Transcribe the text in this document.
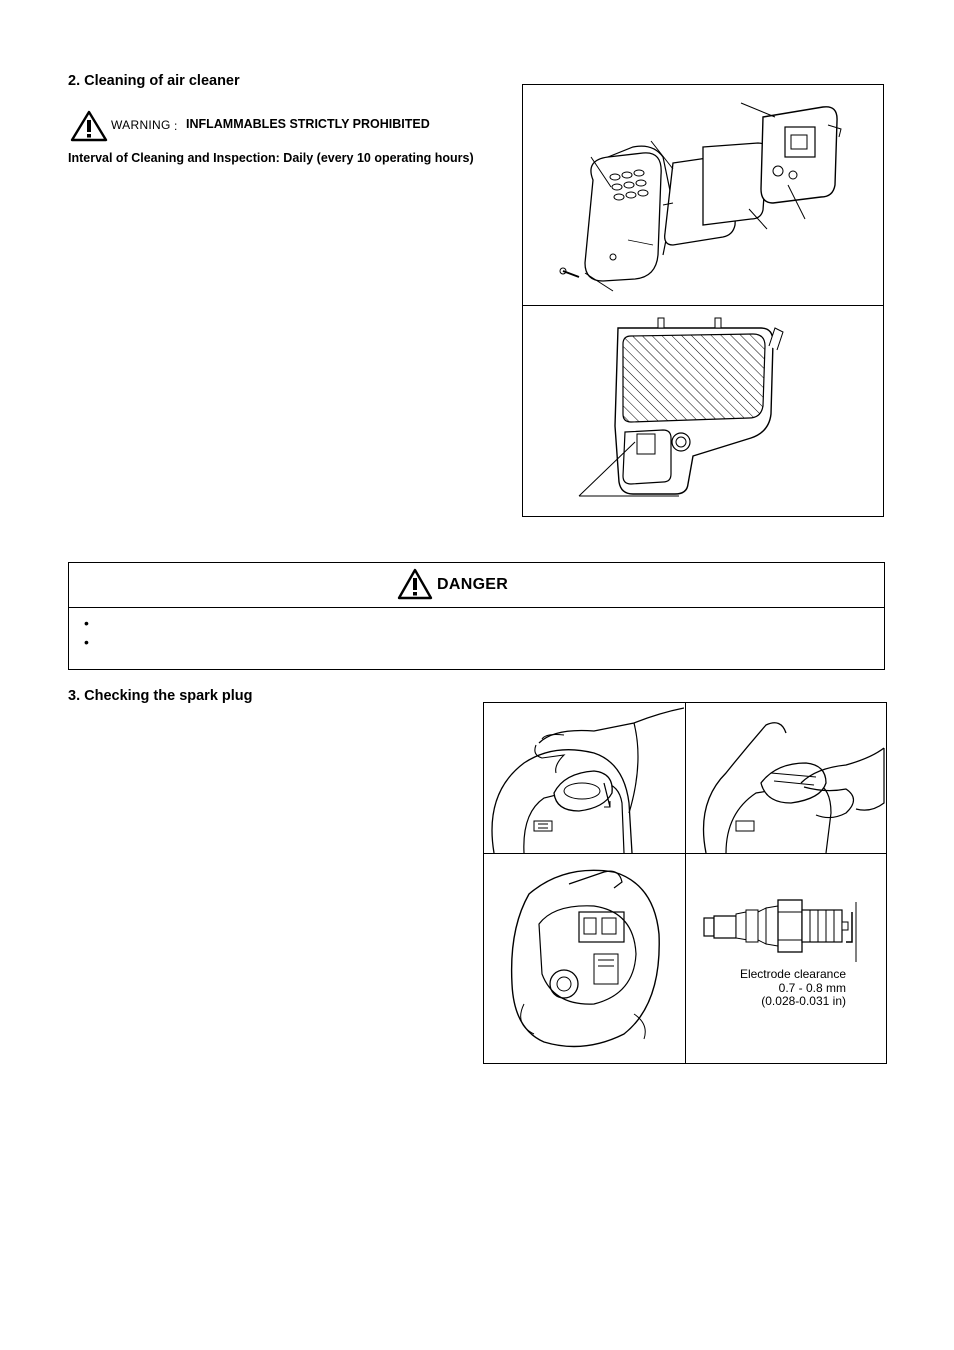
2. Cleaning of air cleaner
WARNING : INFLAMMABLES STRICTLY PROHIBITED
Interval of Cleaning and Inspection: Daily (every 10 operating hours)
DANGER
•
•
3. Checking the spark plug
Electrode clearance
0.7 - 0.8 mm
(0.028-0.031 in)
